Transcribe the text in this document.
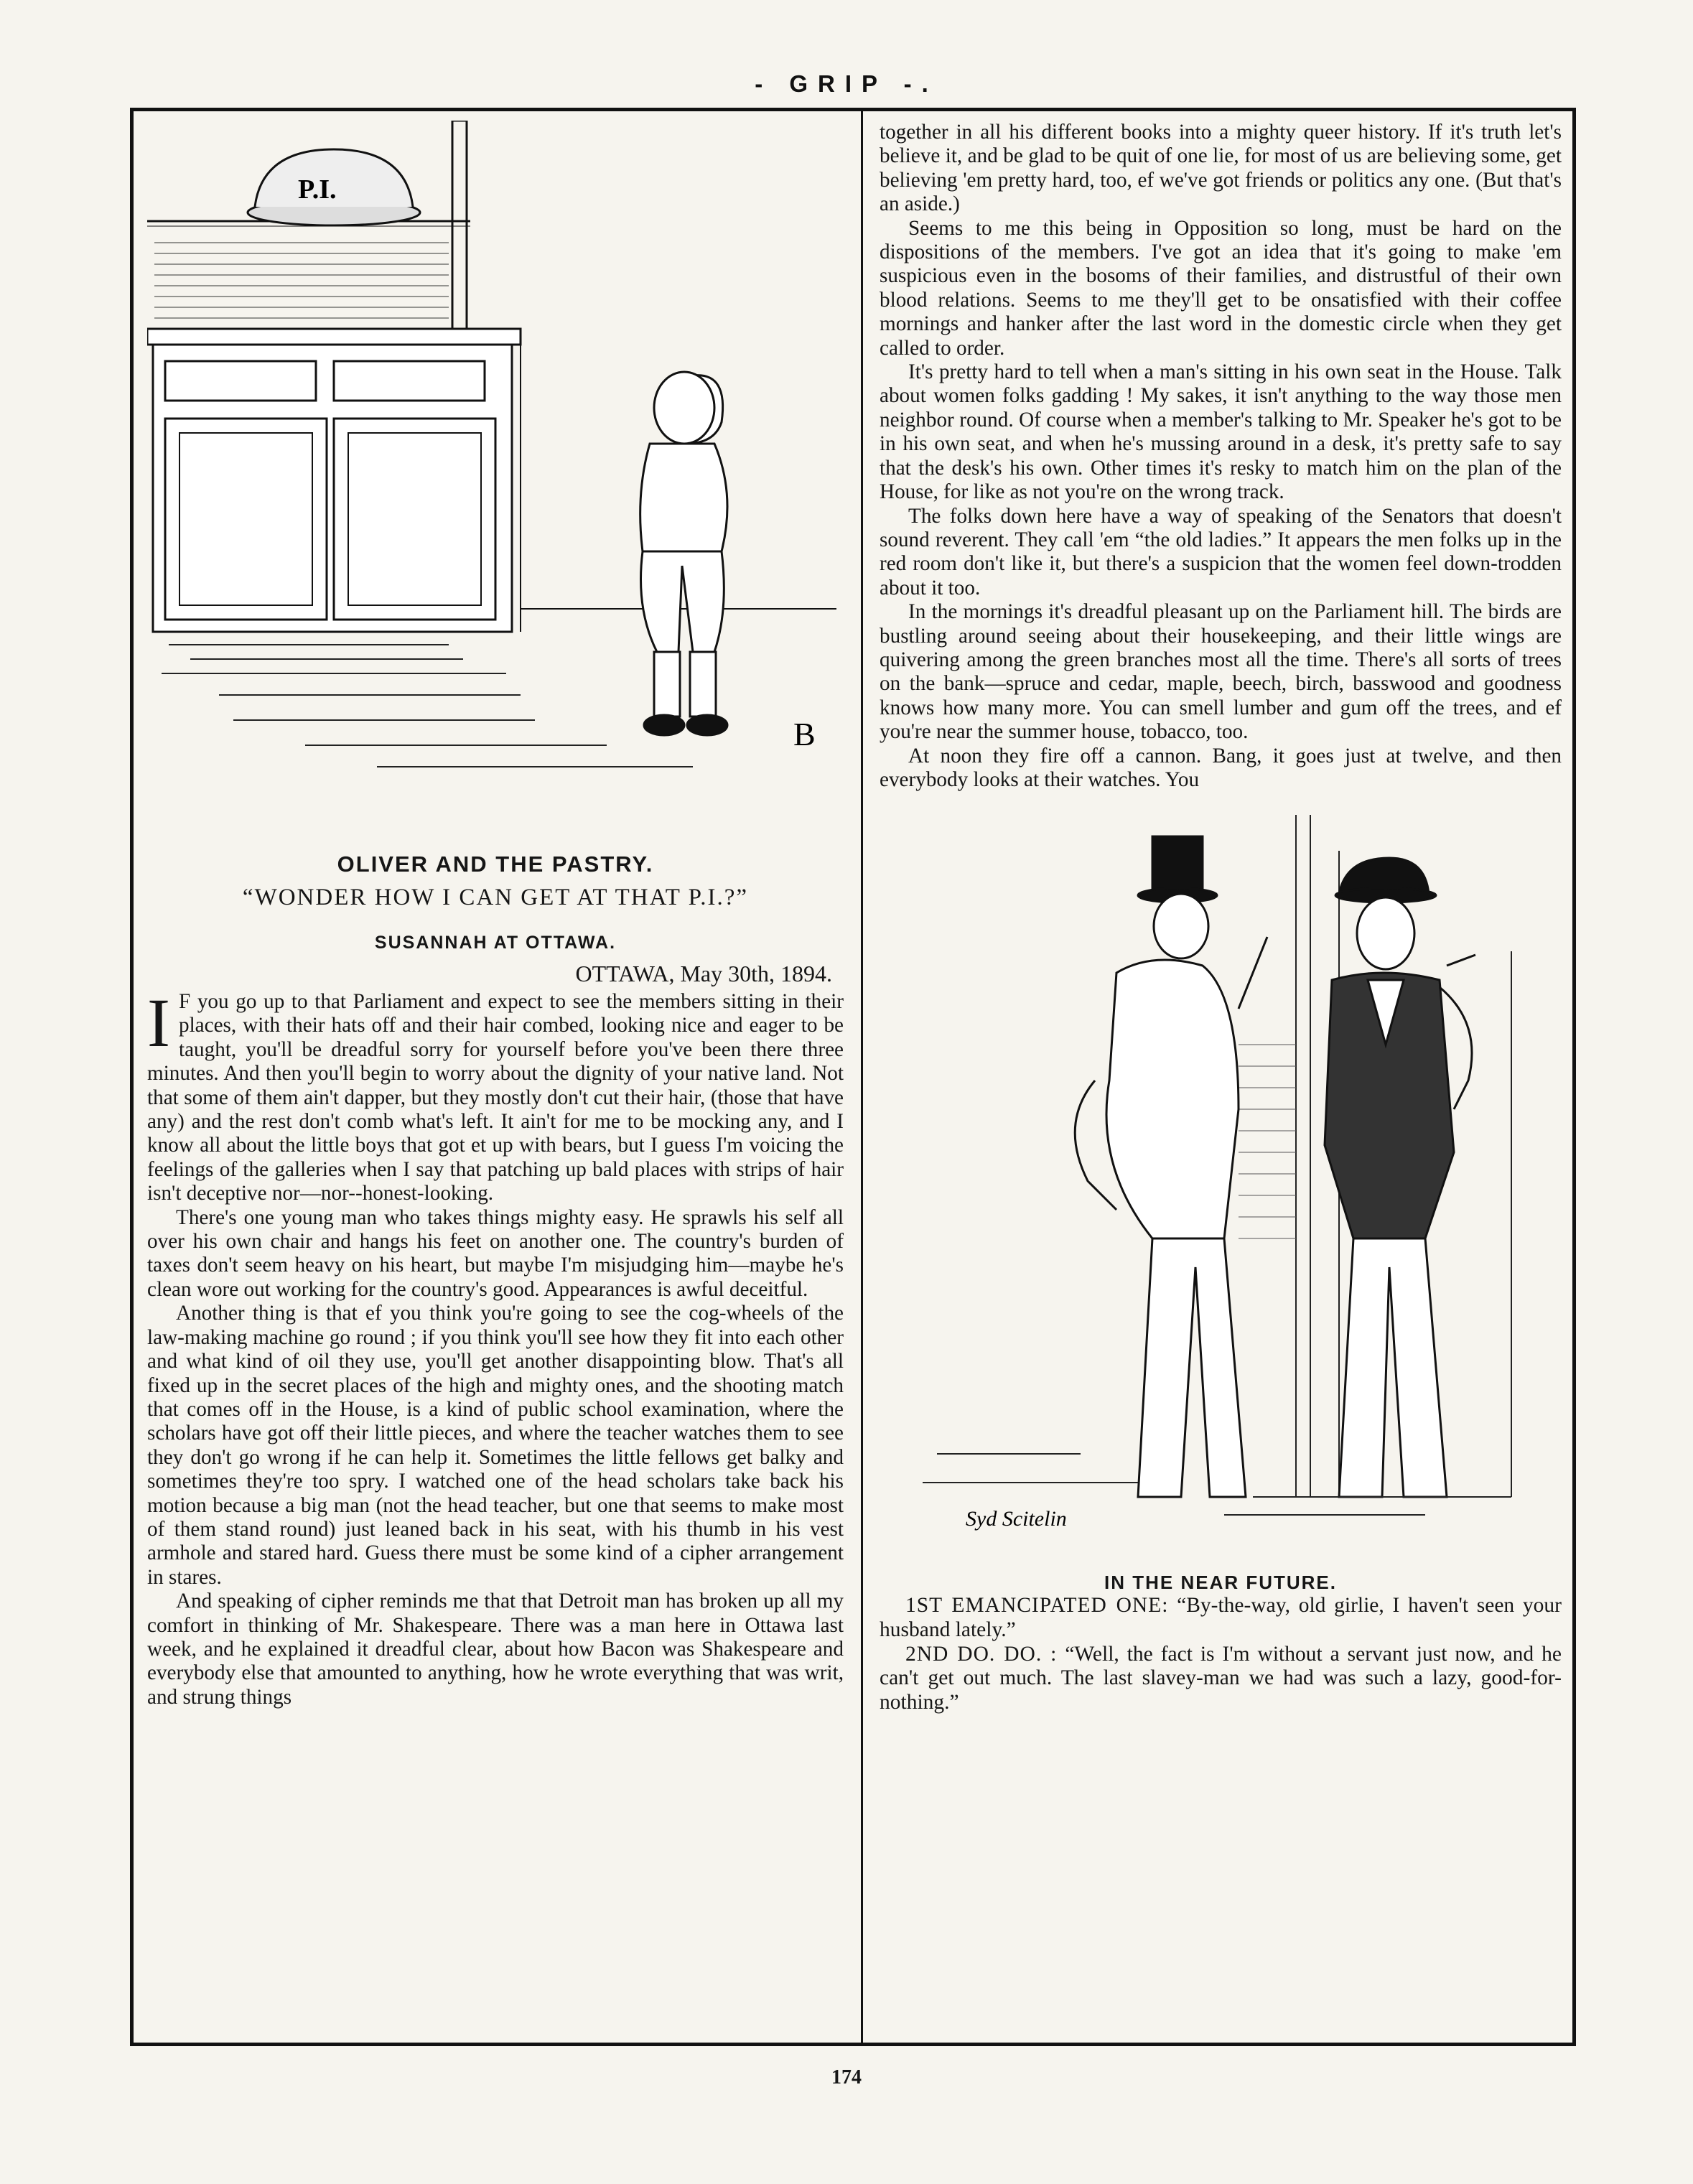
- GRIP -.
P.I.
B
OLIVER AND THE PASTRY.
“WONDER HOW I CAN GET AT THAT P.I.?”
SUSANNAH AT OTTAWA.
OTTAWA, May 30th, 1894.

I F you go up to that Parliament and expect to see the members sitting in their places, with their hats off and their hair combed, looking nice and eager to be taught, you'll be dreadful sorry for yourself before you've been there three minutes. And then you'll begin to worry about the dignity of your native land. Not that some of them ain't dapper, but they mostly don't cut their hair, (those that have any) and the rest don't comb what's left. It ain't for me to be mocking any, and I know all about the little boys that got et up with bears, but I guess I'm voicing the feelings of the galleries when I say that patching up bald places with strips of hair isn't deceptive nor—nor--honest-looking.

There's one young man who takes things mighty easy. He sprawls his self all over his own chair and hangs his feet on another one. The country's burden of taxes don't seem heavy on his heart, but maybe I'm misjudging him—maybe he's clean wore out working for the country's good. Appearances is awful deceitful.

Another thing is that ef you think you're going to see the cog-wheels of the law-making machine go round ; if you think you'll see how they fit into each other and what kind of oil they use, you'll get another disappointing blow. That's all fixed up in the secret places of the high and mighty ones, and the shooting match that comes off in the House, is a kind of public school examination, where the scholars have got off their little pieces, and where the teacher watches them to see they don't go wrong if he can help it. Sometimes the little fellows get balky and sometimes they're too spry. I watched one of the head scholars take back his motion because a big man (not the head teacher, but one that seems to make most of them stand round) just leaned back in his seat, with his thumb in his vest armhole and stared hard. Guess there must be some kind of a cipher arrangement in stares.

And speaking of cipher reminds me that that Detroit man has broken up all my comfort in thinking of Mr. Shakespeare. There was a man here in Ottawa last week, and he explained it dreadful clear, about how Bacon was Shakespeare and everybody else that amounted to anything, how he wrote everything that was writ, and strung things

together in all his different books into a mighty queer history. If it's truth let's believe it, and be glad to be quit of one lie, for most of us are believing some, get believing 'em pretty hard, too, ef we've got friends or politics any one. (But that's an aside.)

Seems to me this being in Opposition so long, must be hard on the dispositions of the members. I've got an idea that it's going to make 'em suspicious even in the bosoms of their families, and distrustful of their own blood relations. Seems to me they'll get to be onsatisfied with their coffee mornings and hanker after the last word in the domestic circle when they get called to order.

It's pretty hard to tell when a man's sitting in his own seat in the House. Talk about women folks gadding ! My sakes, it isn't anything to the way those men neighbor round. Of course when a member's talking to Mr. Speaker he's got to be in his own seat, and when he's mussing around in a desk, it's pretty safe to say that the desk's his own. Other times it's resky to match him on the plan of the House, for like as not you're on the wrong track.

The folks down here have a way of speaking of the Senators that doesn't sound reverent. They call 'em “the old ladies.” It appears the men folks up in the red room don't like it, but there's a suspicion that the women feel down-trodden about it too.

In the mornings it's dreadful pleasant up on the Parliament hill. The birds are bustling around seeing about their housekeeping, and their little wings are quivering among the green branches most all the time. There's all sorts of trees on the bank—spruce and cedar, maple, beech, birch, basswood and goodness knows how many more. You can smell lumber and gum off the trees, and ef you're near the summer house, tobacco, too.

At noon they fire off a cannon. Bang, it goes just at twelve, and then everybody looks at their watches. You

Syd Scitelin
IN THE NEAR FUTURE.

1ST EMANCIPATED ONE: “By-the-way, old girlie, I haven't seen your husband lately.”

2ND DO. DO. : “Well, the fact is I'm without a servant just now, and he can't get out much. The last slavey-man we had was such a lazy, good-for-nothing.”

174
